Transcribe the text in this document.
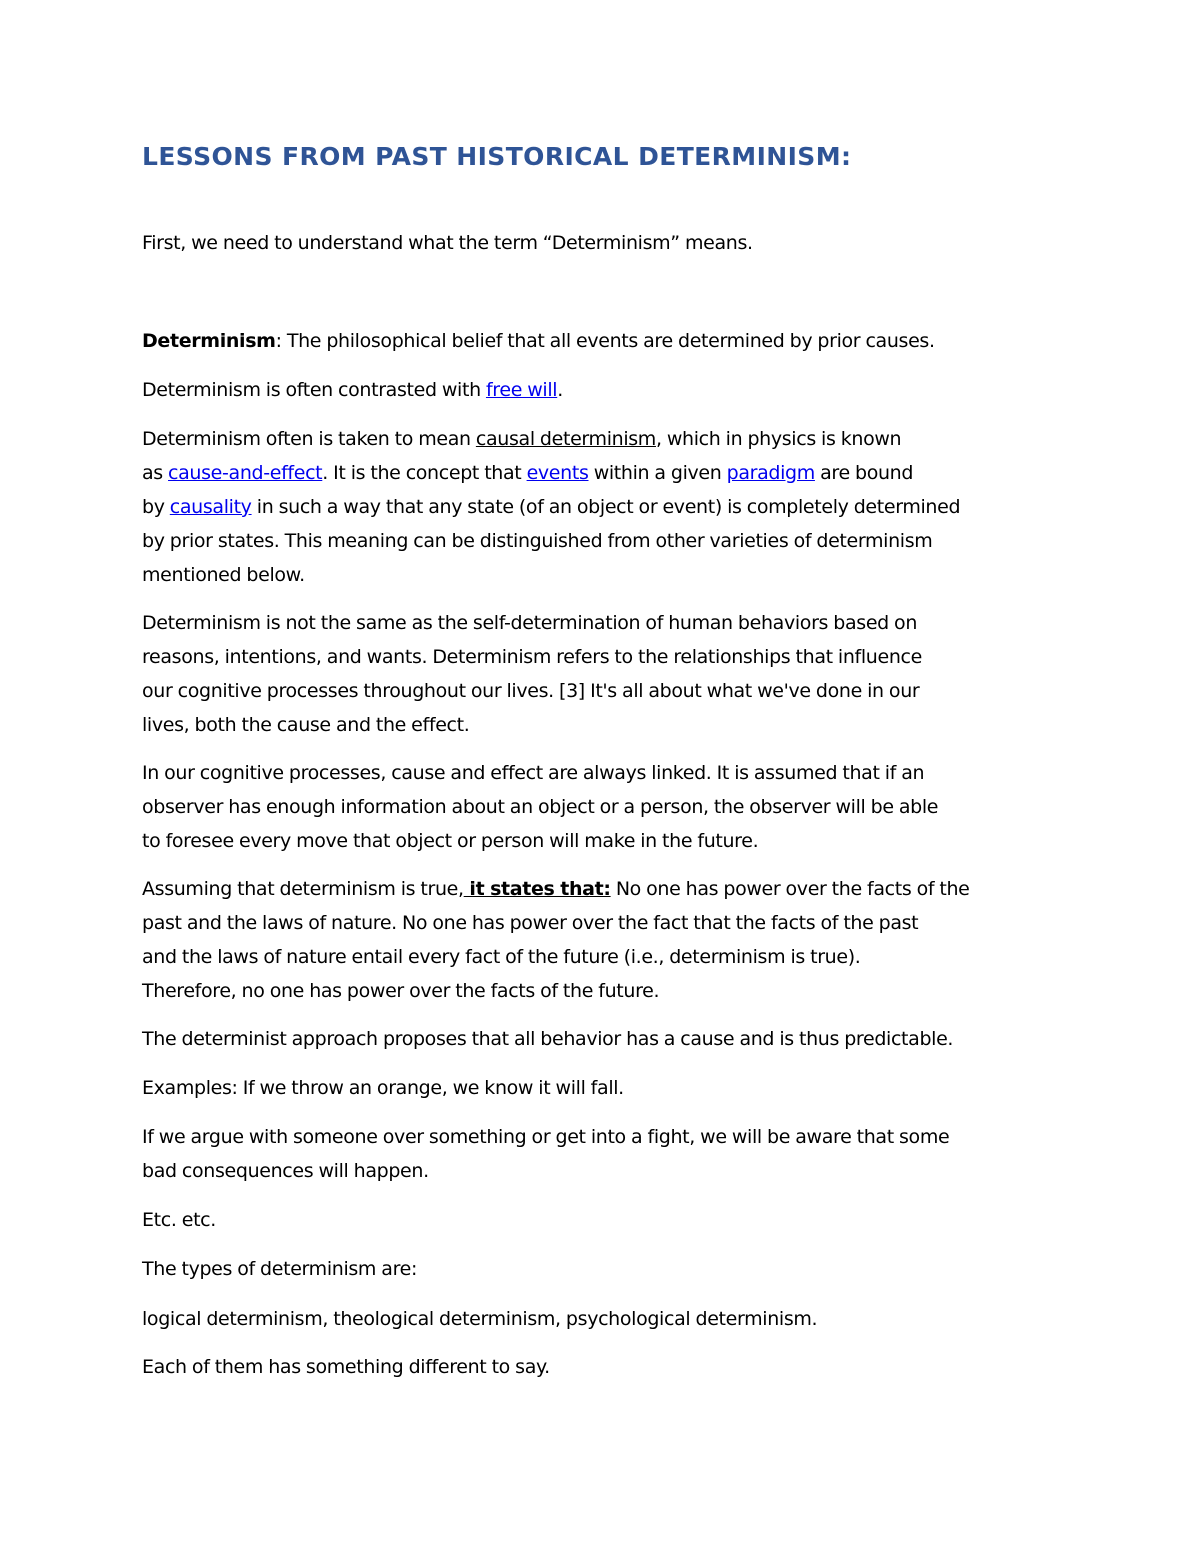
LESSONS FROM PAST HISTORICAL DETERMINISM:

First, we need to understand what the term “Determinism” means.

Determinism: The philosophical belief that all events are determined by prior causes.

Determinism is often contrasted with free will.

Determinism often is taken to mean causal determinism, which in physics is known
as cause-and-effect. It is the concept that events within a given paradigm are bound
by causality in such a way that any state (of an object or event) is completely determined
by prior states. This meaning can be distinguished from other varieties of determinism
mentioned below.

Determinism is not the same as the self-determination of human behaviors based on
reasons, intentions, and wants. Determinism refers to the relationships that influence
our cognitive processes throughout our lives. [3] It's all about what we've done in our
lives, both the cause and the effect.

In our cognitive processes, cause and effect are always linked. It is assumed that if an
observer has enough information about an object or a person, the observer will be able
to foresee every move that object or person will make in the future.

Assuming that determinism is true, it states that: No one has power over the facts of the
past and the laws of nature. No one has power over the fact that the facts of the past
and the laws of nature entail every fact of the future (i.e., determinism is true).
Therefore, no one has power over the facts of the future.

The determinist approach proposes that all behavior has a cause and is thus predictable.

Examples: If we throw an orange, we know it will fall.

If we argue with someone over something or get into a fight, we will be aware that some
bad consequences will happen.

Etc. etc.

The types of determinism are:

logical determinism, theological determinism, psychological determinism.

Each of them has something different to say.
